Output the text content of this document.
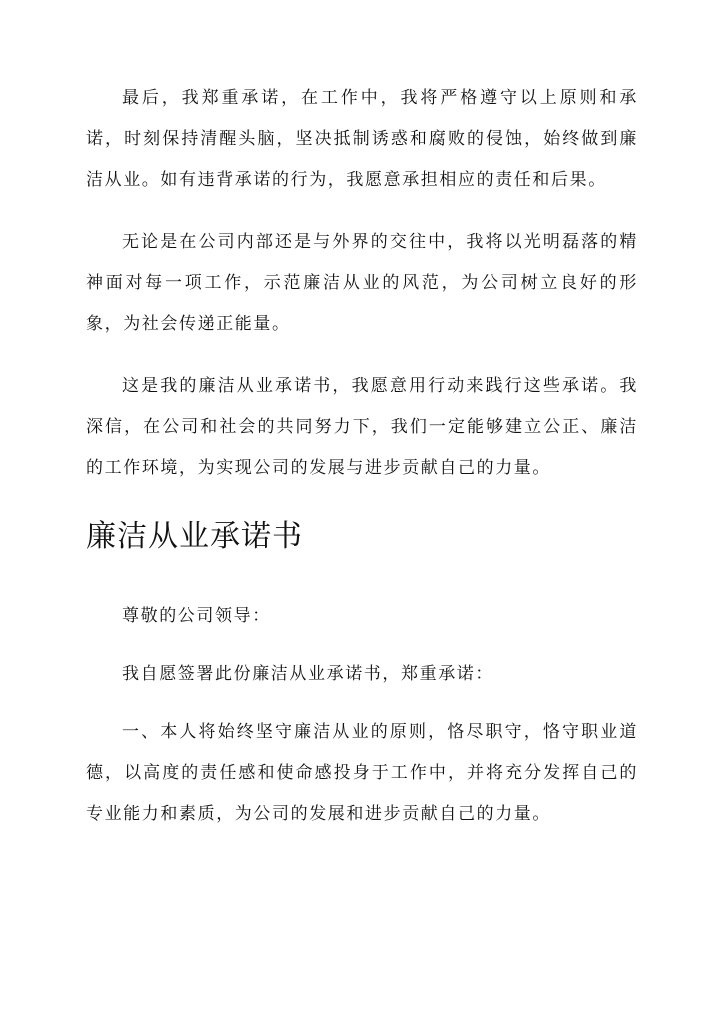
最后，我郑重承诺，在工作中，我将严格遵守以上原则和承诺，时刻保持清醒头脑，坚决抵制诱惑和腐败的侵蚀，始终做到廉洁从业。如有违背承诺的行为，我愿意承担相应的责任和后果。

无论是在公司内部还是与外界的交往中，我将以光明磊落的精神面对每一项工作，示范廉洁从业的风范，为公司树立良好的形象，为社会传递正能量。

这是我的廉洁从业承诺书，我愿意用行动来践行这些承诺。我深信，在公司和社会的共同努力下，我们一定能够建立公正、廉洁的工作环境，为实现公司的发展与进步贡献自己的力量。

廉洁从业承诺书

尊敬的公司领导：

我自愿签署此份廉洁从业承诺书，郑重承诺：

一、本人将始终坚守廉洁从业的原则，恪尽职守，恪守职业道德，以高度的责任感和使命感投身于工作中，并将充分发挥自己的专业能力和素质，为公司的发展和进步贡献自己的力量。
